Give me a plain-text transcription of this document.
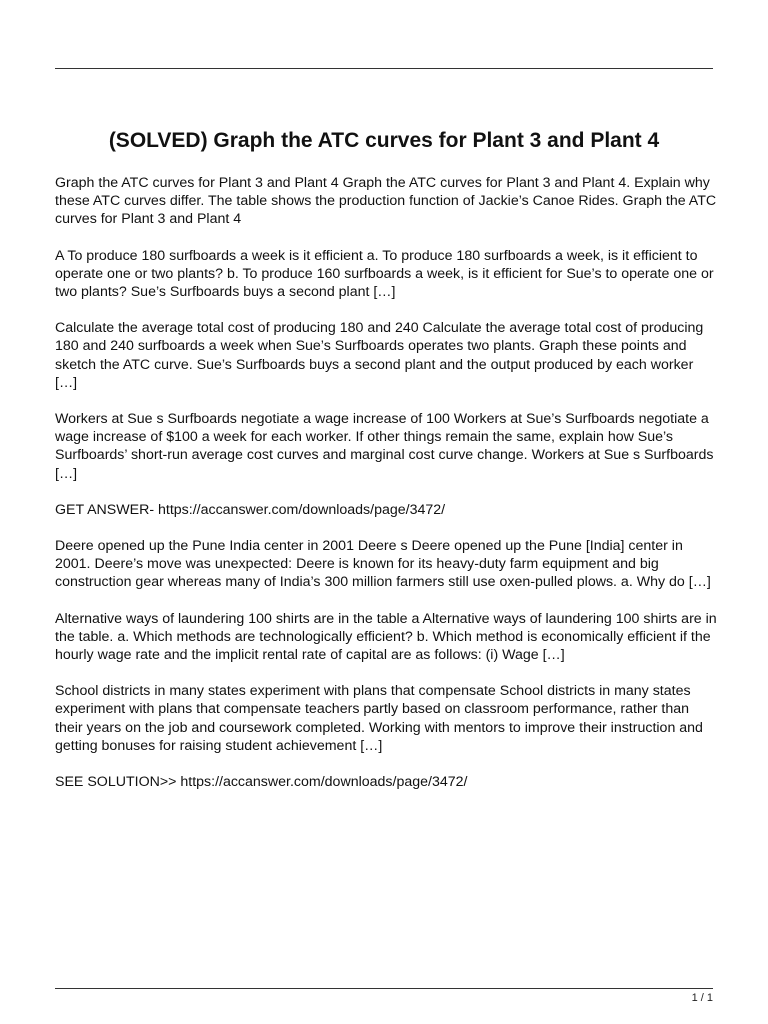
(SOLVED) Graph the ATC curves for Plant 3 and Plant 4

Graph the ATC curves for Plant 3 and Plant 4 Graph the ATC curves for Plant 3 and Plant 4. Explain why these ATC curves differ. The table shows the production function of Jackie’s Canoe Rides. Graph the ATC curves for Plant 3 and Plant 4

A To produce 180 surfboards a week is it efficient a. To produce 180 surfboards a week, is it efficient to operate one or two plants? b. To produce 160 surfboards a week, is it efficient for Sue’s to operate one or two plants? Sue’s Surfboards buys a second plant […]

Calculate the average total cost of producing 180 and 240 Calculate the average total cost of producing 180 and 240 surfboards a week when Sue’s Surfboards operates two plants. Graph these points and sketch the ATC curve. Sue’s Surfboards buys a second plant and the output produced by each worker […]

Workers at Sue s Surfboards negotiate a wage increase of 100 Workers at Sue’s Surfboards negotiate a wage increase of $100 a week for each worker. If other things remain the same, explain how Sue’s Surfboards’ short-run average cost curves and marginal cost curve change. Workers at Sue s Surfboards […]

GET ANSWER- https://accanswer.com/downloads/page/3472/

Deere opened up the Pune India center in 2001 Deere s Deere opened up the Pune [India] center in 2001. Deere’s move was unexpected: Deere is known for its heavy-duty farm equipment and big construction gear whereas many of India’s 300 million farmers still use oxen-pulled plows. a. Why do […]

Alternative ways of laundering 100 shirts are in the table a Alternative ways of laundering 100 shirts are in the table. a. Which methods are technologically efficient? b. Which method is economically efficient if the hourly wage rate and the implicit rental rate of capital are as follows: (i) Wage […]

School districts in many states experiment with plans that compensate School districts in many states experiment with plans that compensate teachers partly based on classroom performance, rather than their years on the job and coursework completed. Working with mentors to improve their instruction and getting bonuses for raising student achievement […]

SEE SOLUTION>> https://accanswer.com/downloads/page/3472/

1 / 1
